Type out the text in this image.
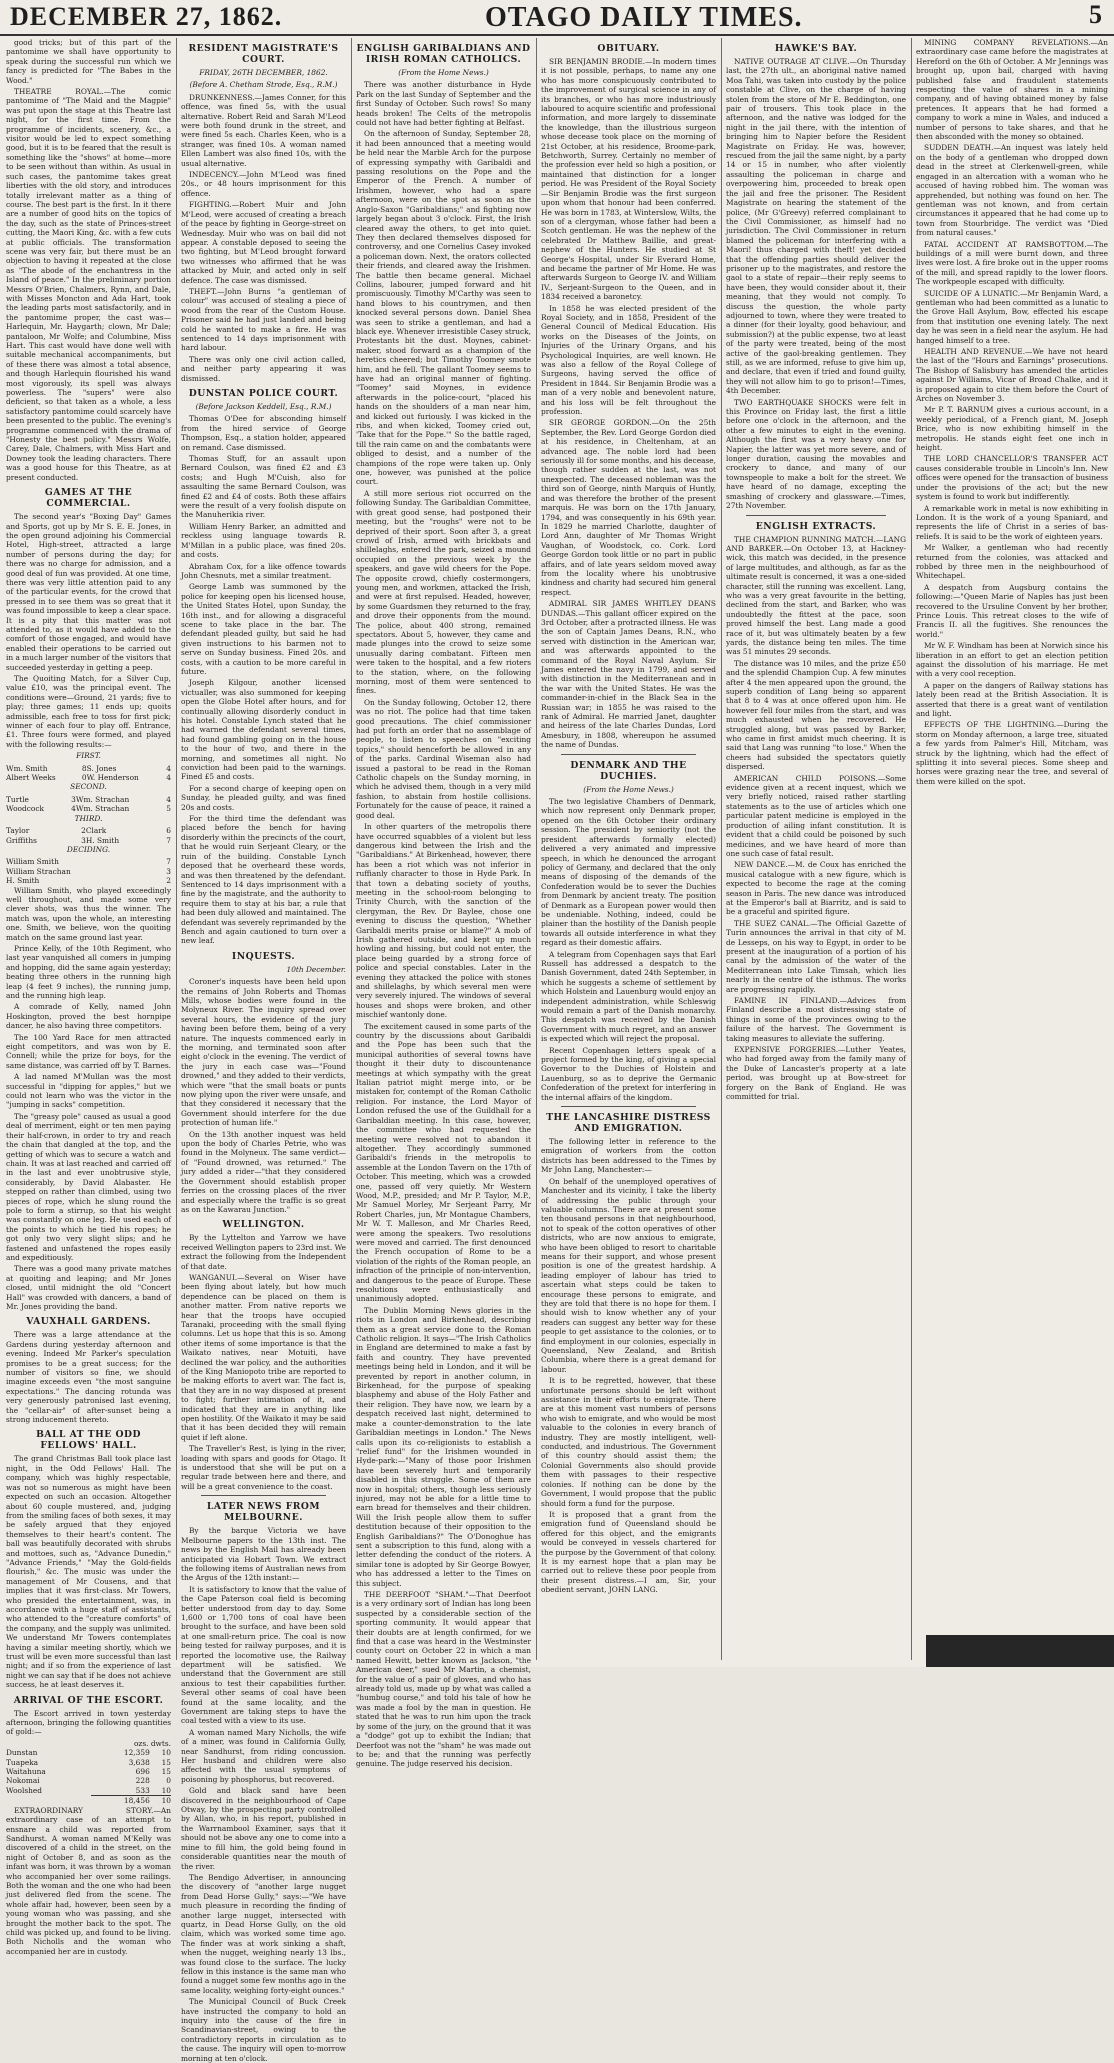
DECEMBER 27, 1862.	OTAGO DAILY TIMES.	5

good tricks; but of this part of the pantomime we shall have opportunity to speak during the successful run which we fancy is predicted for "The Babes in the Wood."

THEATRE ROYAL.—The comic pantomime of "The Maid and the Magpie" was put upon the stage at this Theatre last night, for the first time. From the programme of incidents, scenery, &c., a visitor would be led to expect something good, but it is to be feared that the result is something like the "shows" at home—more to be seen without than within. As usual in such cases, the pantomime takes great liberties with the old story, and introduces totally irrelevant matter as a thing of course. The best part is the first. In it there are a number of good hits on the topics of the day, such as the state of Princes-street cutting, the Maori King, &c. with a few cuts at public officials. The transformation scene was very fair, but there must be an objection to having it repeated at the close as "The abode of the enchantress in the Island of peace." In the preliminary portion Messrs O'Brien, Chalmers, Rynn, and Dale, with Misses Moncton and Ada Hart, took the leading parts most satisfactorily, and in the pantomime proper, the cast was—Harlequin, Mr. Haygarth; clown, Mr Dale; pantaloon, Mr Wolfe; and Columbine, Miss Hart. This cast would have done well with suitable mechanical accompaniments, but of these there was almost a total absence, and though Harlequin flourished his wand most vigorously, its spell was always powerless. The "supers" were also deficient, so that taken as a whole, a less satisfactory pantomime could scarcely have been presented to the public. The evening's programme commenced with the drama of "Honesty the best policy." Messrs Wolfe, Carey, Dale, Chalmers, with Miss Hart and Downey took the leading characters. There was a good house for this Theatre, as at present conducted.

GAMES AT THE COMMERCIAL.

The second year's "Boxing Day" Games and Sports, got up by Mr S. E. E. Jones, in the open ground adjoining his Commercial Hotel, High-street, attracted a large number of persons during the day; for there was no charge for admission, and a good deal of fun was provided. At one time, there was very little attention paid to any of the particular events, for the crowd that pressed in to see them was so great that it was found impossible to keep a clear space. It is a pity that this matter was not attended to, as it would have added to the comfort of those engaged, and would have enabled their operations to be carried out in a much larger number of the visitors that succeeded yesterday in getting a peep.

The Quoiting Match, for a Silver Cup, value £10, was the principal event. The conditions were—Ground, 21 yards; five to play; three games; 11 ends up; quoits admissible, each free to toss for first pick; winner of each four to play off. Entrance, £1. Three fours were formed, and played with the following results:—

FIRST.
Wm. Smith	8	S. Jones	4
Albert Weeks	0	W. Henderson	4
SECOND.
Turtle	3	Wm. Strachan	4
Woodcock	4	Wm. Strachan	5
THIRD.
Taylor	2	Clark	6
Griffiths	3	H. Smith	7
DECIDING.
William Smith	7
William Strachan	3
H. Smith	2

William Smith, who played exceedingly well throughout, and made some very clever shots, was thus the winner. The match was, upon the whole, an interesting one. Smith, we believe, won the quoiting match on the same ground last year.

Prince Kelly, of the 10th Regiment, who last year vanquished all comers in jumping and hopping, did the same again yesterday; beating three others in the running high leap (4 feet 9 inches), the running jump, and the running high leap.

A comrade of Kelly, named John Hoskington, proved the best hornpipe dancer, he also having three competitors.

The 100 Yard Race for men attracted eight competitors, and was won by E. Connell; while the prize for boys, for the same distance, was carried off by T. Barnes.

A lad named M'Mullan was the most successful in "dipping for apples," but we could not learn who was the victor in the "jumping in sacks" competition.

The "greasy pole" caused as usual a good deal of merriment, eight or ten men paying their half-crown, in order to try and reach the chain that dangled at the top, and the getting of which was to secure a watch and chain. It was at last reached and carried off in the last and ever unobtrusive style, considerably, by David Alabaster. He stepped on rather than climbed, using two pieces of rope, which he slung round the pole to form a stirrup, so that his weight was constantly on one leg. He used each of the points to which he tied his ropes; he got only two very slight slips; and he fastened and unfastened the ropes easily and expeditiously.

There was a good many private matches at quoiting and leaping; and Mr Jones closed, until midnight the old "Concert Hall" was crowded with dancers, a band of Mr. Jones providing the band.

VAUXHALL GARDENS.

There was a large attendance at the Gardens during yesterday afternoon and evening. Indeed Mr Parker's speculation promises to be a great success; for the number of visitors so fine, we should imagine exceeds even "the most sanguine expectations." The dancing rotunda was very generously patronised last evening, the "cellar-air" of after-sunset being a strong inducement thereto.

BALL AT THE ODD FELLOWS' HALL.

The grand Christmas Ball took place last night, in the Odd Fellows' Hall. The company, which was highly respectable, was not so numerous as might have been expected on such an occasion. Altogether about 60 couple mustered, and, judging from the smiling faces of both sexes, it may be safely argued that they enjoyed themselves to their heart's content. The ball was beautifully decorated with shrubs and mottoes, such as, "Advance Dunedin," "Advance Friends," "May the Gold-fields flourish," &c. The music was under the management of Mr Cousens, and that implies that it was first-class. Mr Towers, who presided the entertainment, was, in accordance with a huge staff of assistants, who attended to the "creature comforts" of the company, and the supply was unlimited. We understand Mr Towers contemplates having a similar meeting shortly, which we trust will be even more successful than last night; and if so from the experience of last night we can say that if he does not achieve success, he at least deserves it.

ARRIVAL OF THE ESCORT.

The Escort arrived in town yesterday afternoon, bringing the following quantities of gold:—

	ozs. dwts.	
Dunstan	12,359	10
Tuapeka	3,638	15
Waitahuna	696	15
Nokomai	228	0
Woolshed	533	10
	18,456	10

EXTRAORDINARY STORY.—An extraordinary case of an attempt to ensnare a child was reported from Sandhurst. A woman named M'Kelly was discovered of a child in the street, on the night of October 8, and as soon as the infant was born, it was thrown by a woman who accompanied her over some railings. Both the woman and the one who had been just delivered fled from the scene. The whole affair had, however, been seen by a young woman who was passing, and she brought the mother back to the spot. The child was picked up, and found to be living. Both Nicholls and the woman who accompanied her are in custody.

RESIDENT MAGISTRATE'S COURT.
FRIDAY, 26TH DECEMBER, 1862.
(Before A. Chetham Strode, Esq., R.M.)

DRUNKENNESS.—James Conner, for this offence, was fined 5s, with the usual alternative. Robert Reid and Sarah M'Leod were both found drunk in the street, and were fined 5s each. Charles Keen, who is a stranger, was fined 10s. A woman named Ellen Lambert was also fined 10s, with the usual alternative.

INDECENCY.—John M'Leod was fined 20s., or 48 hours imprisonment for this offence.

FIGHTING.—Robert Muir and John M'Leod, were accused of creating a breach of the peace by fighting in George-street on Wednesday. Muir who was on bail did not appear. A constable deposed to seeing the two fighting, but M'Leod brought forward two witnesses who affirmed that he was attacked by Muir, and acted only in self defence. The case was dismissed.

THEFT.—John Burns "a gentleman of colour" was accused of stealing a piece of wood from the rear of the Custom House. Prisoner said he had just landed and being cold he wanted to make a fire. He was sentenced to 14 days imprisonment with hard labour.

There was only one civil action called, and neither party appearing it was dismissed.

DUNSTAN POLICE COURT.
(Before Jackson Keddell, Esq., R.M.)

Thomas O'Dee for absconding himself from the hired service of George Thompson, Esq., a station holder, appeared on remand. Case dismissed.

Thomas Stuff, for an assault upon Bernard Coulson, was fined £2 and £3 costs; and Hugh M'Cuish, also for assaulting the same Bernard Coulson, was fined £2 and £4 of costs. Both these affairs were the result of a very foolish dispute on the Manuherikia river.

William Henry Barker, an admitted and reckless using language towards R. M'Millan in a public place, was fined 20s. and costs.

Abraham Cox, for a like offence towards John Chesnuts, met a similar treatment.

George Lamb was summoned by the police for keeping open his licensed house, the United States Hotel, upon Sunday, the 16th inst., and for allowing a disgraceful scene to take place in the bar. The defendant pleaded guilty, but said he had given instructions to his barmen not to serve on Sunday business. Fined 20s. and costs, with a caution to be more careful in future.

Joseph Kilgour, another licensed victualler, was also summoned for keeping open the Globe Hotel after hours, and for continually allowing disorderly conduct in his hotel. Constable Lynch stated that he had warned the defendant several times, had found gambling going on in the house to the hour of two, and there in the morning, and sometimes all night. No conviction had been paid to the warnings. Fined £5 and costs.

For a second charge of keeping open on Sunday, he pleaded guilty, and was fined 20s and costs.

For the third time the defendant was placed before the bench for having disorderly within the precincts of the court, that he would ruin Serjeant Cleary, or the ruin of the building. Constable Lynch deposed that he overheard these words, and was then threatened by the defendant. Sentenced to 14 days imprisonment with a fine by the magistrate, and the authority to require them to stay at his bar, a rule that had been duly allowed and maintained. The defendant was severely reprimanded by the Bench and again cautioned to turn over a new leaf.

INQUESTS.
10th December.

Coroner's inquests have been held upon the remains of John Roberts and Thomas Mills, whose bodies were found in the Molyneux River. The inquiry spread over several hours, the evidence of the jury having been before them, being of a very nature. The inquests commenced early in the morning, and terminated soon after eight o'clock in the evening. The verdict of the jury in each case was—"Found drowned," and they added to their verdicts, which were "that the small boats or punts now plying upon the river were unsafe, and that they considered it necessary that the Government should interfere for the due protection of human life."

On the 13th another inquest was held upon the body of Charles Petrie, who was found in the Molyneux. The same verdict—of "Found drowned, was returned." The jury added a rider—"that they considered the Government should establish proper ferries on the crossing places of the river and especially where the traffic is so great as on the Kawarau Junction."

WELLINGTON.

By the Lyttelton and Yarrow we have received Wellington papers to 23rd inst. We extract the following from the Independent of that date.

WANGANUI.—Several on Wiser have been flying about lately, but how much dependence can be placed on them is another matter. From native reports we hear that the troops have occupied Taranaki, proceeding with the small flying columns. Let us hope that this is so. Among other items of some importance is that the Waikato natives, near Motuiti, have declined the war policy, and the authorities of the King Maniopoto tribe are reported to be making efforts to avert war. The fact is, that they are in no way disposed at present to fight; further intimation of it, and indicated that they are in anything like open hostility. Of the Waikato it may be said that it has been decided they will remain quiet if left alone.

The Traveller's Rest, is lying in the river, loading with spars and goods for Otago. It is understood that she will be put on a regular trade between here and there, and will be a great convenience to the coast.

LATER NEWS FROM MELBOURNE.

By the barque Victoria we have Melbourne papers to the 13th inst. The news by the English Mail has already been anticipated via Hobart Town. We extract the following items of Australian news from the Argus of the 12th instant:—

It is satisfactory to know that the value of the Cape Paterson coal field is becoming better understood from day to day. Some 1,600 or 1,700 tons of coal have been brought to the surface, and have been sold at one small-return price. The coal is now being tested for railway purposes, and it is reported the locomotive use, the Railway department will be satisfied. We understand that the Government are still anxious to test their capabilities further. Several other seams of coal have been found at the same locality, and the Government are taking steps to have the coal tested with a view to its use.

A woman named Mary Nicholls, the wife of a miner, was found in California Gully, near Sandhurst, from riding concussion. Her husband and children were also affected with the usual symptoms of poisoning by phosphorus, but recovered.

Gold and black sand have been discovered in the neighbourhood of Cape Otway, by the prospecting party controlled by Allan, who, in his report, published in the Warrnambool Examiner, says that it should not be above any one to come into a mine to fill him, the gold being found in considerable quantities near the mouth of the river.

The Bendigo Advertiser, in announcing the discovery of "another large nugget from Dead Horse Gully," says:—"We have much pleasure in recording the finding of another large nugget, intersected with quartz, in Dead Horse Gully, on the old claim, which was worked some time ago. The finder was at work sinking a shaft, when the nugget, weighing nearly 13 lbs., was found close to the surface. The lucky fellow in this instance is the same man who found a nugget some few months ago in the same locality, weighing forty-eight ounces."

The Municipal Council of Buck Creek have instructed the company to hold an inquiry into the cause of the fire in Scandinavian-street, owing to the contradictory reports in circulation as to the cause. The inquiry will open to-morrow morning at ten o'clock.

ENGLISH GARIBALDIANS AND IRISH ROMAN CATHOLICS.
(From the Home News.)

There was another disturbance in Hyde Park on the last Sunday of September and the first Sunday of October. Such rows! So many heads broken! The Celts of the metropolis could not have had better fighting at Belfast.

On the afternoon of Sunday, September 28, it had been announced that a meeting would be held near the Marble Arch for the purpose of expressing sympathy with Garibaldi and passing resolutions on the Pope and the Emperor of the French. A number of Irishmen, however, who had a spare afternoon, were on the spot as soon as the Anglo-Saxon "Garibaldians;" and fighting now largely began about 3 o'clock. First, the Irish cleared away the others, to get into quiet. They then declared themselves disposed for controversy, and one Cornelius Casey invoked a policeman down. Next, the orators collected their friends, and cleared away the Irishmen. The battle then became general. Michael Collins, labourer, jumped forward and hit promiscuously. Timothy M'Carthy was seen to hand blows to his countrymen, and then knocked several persons down. Daniel Shea was seen to strike a gentleman, and had a black eye. Whenever irresistible Casey struck, Protestants bit the dust. Moynes, cabinet-maker, stood forward as a champion of the heretics cheered; but Timothy Toomey smote him, and he fell. The gallant Toomey seems to have had an original manner of fighting. "Toomey" said Moynes, in evidence afterwards in the police-court, "placed his hands on the shoulders of a man near him, and kicked out furiously. I was kicked in the ribs, and when kicked, Toomey cried out, 'Take that for the Pope.'" So the battle raged, till the rain came on and the combatants were obliged to desist, and a number of the champions of the rope were taken up. Only one, however, was punished at the police court.

A still more serious riot occurred on the following Sunday. The Garibaldian Committee, with great good sense, had postponed their meeting, but the "roughs" were not to be deprived of their sport. Soon after 3, a great crowd of Irish, armed with brickbats and shillelaghs, entered the park, seized a mound occupied on the previous week by the speakers, and gave wild cheers for the Pope. The opposite crowd, chiefly costermongers, young men, and workmen, attacked the Irish, and were at first repulsed. Headed, however, by some Guardsmen they returned to the fray, and drove their opponents from the mound. The police, about 400 strong, remained spectators. About 5, however, they came and made plunges into the crowd to seize some unusually daring combatant. Fifteen men were taken to the hospital, and a few rioters to the station, where, on the following morning, most of them were sentenced to fines.

On the Sunday following, October 12, there was no riot. The police had that time taken good precautions. The chief commissioner had put forth an order that no assemblage of people, to listen to speeches on "exciting topics," should henceforth be allowed in any of the parks. Cardinal Wiseman also had issued a pastoral to be read in the Roman Catholic chapels on the Sunday morning, in which he advised them, though in a very mild fashion, to abstain from hostile collisions. Fortunately for the cause of peace, it rained a good deal.

In other quarters of the metropolis there have occurred squabbles of a violent but less dangerous kind between the Irish and the "Garibaldians." At Birkenhead, however, there has been a riot which was not inferior in ruffianly character to those in Hyde Park. In that town a debating society of youths, meeting in the school-room belonging to Trinity Church, with the sanction of the clergyman, the Rev. Dr Baylee, chose one evening to discuss the question, "Whether Garibaldi merits praise or blame?" A mob of Irish gathered outside, and kept up much howling and hissing, but could not enter, the place being guarded by a strong force of police and special constables. Later in the evening they attacked the police with stones and shillelaghs, by which several men were very severely injured. The windows of several houses and shops were broken, and other mischief wantonly done.

The excitement caused in some parts of the country by the discussions about Garibaldi and the Pope has been such that the municipal authorities of several towns have thought it their duty to discountenance meetings at which sympathy with the great Italian patriot might merge into, or be mistaken for, contempt of the Roman Catholic religion. For instance, the Lord Mayor of London refused the use of the Guildhall for a Garibaldian meeting. In this case, however, the committee who had requested the meeting were resolved not to abandon it altogether. They accordingly summoned Garibaldi's friends in the metropolis to assemble at the London Tavern on the 17th of October. This meeting, which was a crowded one, passed off very quietly. Mr Western Wood, M.P., presided; and Mr P. Taylor, M.P., Mr Samuel Morley, Mr Serjeant Parry, Mr Robert Charles, jun, Mr Montague Chambers, Mr W. T. Malleson, and Mr Charles Reed, were among the speakers. Two resolutions were moved and carried. The first denounced the French occupation of Rome to be a violation of the rights of the Roman people, an infraction of the principle of non-intervention, and dangerous to the peace of Europe. These resolutions were enthusiastically and unanimously adopted.

The Dublin Morning News glories in the riots in London and Birkenhead, describing them as a great service done to the Roman Catholic religion. It says—"The Irish Catholics in England are determined to make a fast by faith and country. They have prevented meetings being held in London, and it will be prevented by report in another column, in Birkenhead, for the purpose of speaking blasphemy and abuse of the Holy Father and their religion. They have now, we learn by a despatch received last night, determined to make a counter-demonstration to the late Garibaldian meetings in London." The News calls upon its co-religionists to establish a "relief fund" for the Irishmen wounded in Hyde-park:—"Many of those poor Irishmen have been severely hurt and temporarily disabled in this struggle. Some of them are now in hospital; others, though less seriously injured, may not be able for a little time to earn bread for themselves and their children. Will the Irish people allow them to suffer destitution because of their opposition to the English Garibaldians?" The O'Donoghue has sent a subscription to this fund, along with a letter defending the conduct of the rioters. A similar tone is adopted by Sir George Bowyer, who has addressed a letter to the Times on this subject.

THE DEERFOOT "SHAM."—That Deerfoot is a very ordinary sort of Indian has long been suspected by a considerable section of the sporting community. It would appear that their doubts are at length confirmed, for we find that a case was heard in the Westminster county court on October 22 in which a man named Hewitt, better known as Jackson, "the American deer," sued Mr Martin, a chemist, for the value of a pair of gloves, and who has already told us, made up by what was called a "humbug course," and told his tale of how he was made a fool by the man in question. He stated that he was to run him upon the track by some of the jury, on the ground that it was a "dodge" got up to exhibit the Indian; that Deerfoot was not the "sham" he was made out to be; and that the running was perfectly genuine. The judge reserved his decision.

OBITUARY.

SIR BENJAMIN BRODIE.—In modern times it is not possible, perhaps, to name any one who has more conspicuously contributed to the improvement of surgical science in any of its branches, or who has more industriously laboured to acquire scientific and professional information, and more largely to disseminate the knowledge, than the illustrious surgeon whose decease took place on the morning of 21st October, at his residence, Broome-park, Betchworth, Surrey. Certainly no member of the profession ever held so high a position, or maintained that distinction for a longer period. He was President of the Royal Society—Sir Benjamin Brodie was the first surgeon upon whom that honour had been conferred. He was born in 1783, at Winterslow, Wilts, the son of a clergyman, whose father had been a Scotch gentleman. He was the nephew of the celebrated Dr Matthew Baillie, and great-nephew of the Hunters. He studied at St George's Hospital, under Sir Everard Home, and became the partner of Mr Home. He was afterwards Surgeon to George IV. and William IV., Serjeant-Surgeon to the Queen, and in 1834 received a baronetcy.

In 1858 he was elected president of the Royal Society, and in 1858, President of the General Council of Medical Education. His works on the Diseases of the Joints, on Injuries of the Urinary Organs, and his Psychological Inquiries, are well known. He was also a fellow of the Royal College of Surgeons, having served the office of President in 1844. Sir Benjamin Brodie was a man of a very noble and benevolent nature, and his loss will be felt throughout the profession.

SIR GEORGE GORDON.—On the 25th September, the Rev. Lord George Gordon died at his residence, in Cheltenham, at an advanced age. The noble lord had been seriously ill for some months, and his decease, though rather sudden at the last, was not unexpected. The deceased nobleman was the third son of George, ninth Marquis of Huntly, and was therefore the brother of the present marquis. He was born on the 17th January, 1794, and was consequently in his 69th year. In 1829 he married Charlotte, daughter of Lord Ann, daughter of Mr Thomas Wright Vaughan, of Woodstock, co. Cork. Lord George Gordon took little or no part in public affairs, and of late years seldom moved away from the locality where his unobtrusive kindness and charity had secured him general respect.

ADMIRAL SIR JAMES WHITLEY DEANS DUNDAS.—This gallant officer expired on the 3rd October, after a protracted illness. He was the son of Captain James Deans, R.N., who served with distinction in the American war, and was afterwards appointed to the command of the Royal Naval Asylum. Sir James entered the navy in 1799, and served with distinction in the Mediterranean and in the war with the United States. He was the commander-in-chief in the Black Sea in the Russian war; in 1855 he was raised to the rank of Admiral. He married Janet, daughter and heiress of the late Charles Dundas, Lord Amesbury, in 1808, whereupon he assumed the name of Dundas.

DENMARK AND THE DUCHIES.
(From the Home News.)

The two legislative Chambers of Denmark, which now represent only Denmark proper, opened on the 6th October their ordinary session. The president by seniority (not the president afterwards formally elected) delivered a very animated and impressive speech, in which he denounced the arrogant policy of Germany, and declared that the only means of disposing of the demands of the Confederation would be to sever the Duchies from Denmark by ancient treaty. The position of Denmark as a European power would then be undeniable. Nothing, indeed, could be plainer than the hostility of the Danish people towards all outside interference in what they regard as their domestic affairs.

A telegram from Copenhagen says that Earl Russell has addressed a despatch to the Danish Government, dated 24th September, in which he suggests a scheme of settlement by which Holstein and Lauenburg would enjoy an independent administration, while Schleswig would remain a part of the Danish monarchy. This despatch was received by the Danish Government with much regret, and an answer is expected which will reject the proposal.

Recent Copenhagen letters speak of a project formed by the king, of giving a special Governor to the Duchies of Holstein and Lauenburg, so as to deprive the Germanic Confederation of the pretext for interfering in the internal affairs of the kingdom.

THE LANCASHIRE DISTRESS AND EMIGRATION.

The following letter in reference to the emigration of workers from the cotton districts has been addressed to the Times by Mr John Lang, Manchester:—

On behalf of the unemployed operatives of Manchester and its vicinity, I take the liberty of addressing the public through your valuable columns. There are at present some ten thousand persons in that neighbourhood, not to speak of the cotton operatives of other districts, who are now anxious to emigrate, who have been obliged to resort to charitable means for their support, and whose present position is one of the greatest hardship. A leading employer of labour has tried to ascertain what steps could be taken to encourage these persons to emigrate, and they are told that there is no hope for them. I should wish to know whether any of your readers can suggest any better way for these people to get assistance to the colonies, or to find employment in our colonies, especially in Queensland, New Zealand, and British Columbia, where there is a great demand for labour.

It is to be regretted, however, that these unfortunate persons should be left without assistance in their efforts to emigrate. There are at this moment vast numbers of persons who wish to emigrate, and who would be most valuable to the colonies in every branch of industry. They are mostly intelligent, well-conducted, and industrious. The Government of this country should assist them; the Colonial Governments also should provide them with passages to their respective colonies. If nothing can be done by the Government, I would propose that the public should form a fund for the purpose.

It is proposed that a grant from the emigration fund of Queensland should be offered for this object, and the emigrants would be conveyed in vessels chartered for the purpose by the Government of that colony. It is my earnest hope that a plan may be carried out to relieve these poor people from their present distress.—I am, Sir, your obedient servant, JOHN LANG.

HAWKE'S BAY.

NATIVE OUTRAGE AT CLIVE.—On Thursday last, the 27th ult., an aboriginal native named Moa Tahi, was taken into custody by the police constable at Clive, on the charge of having stolen from the store of Mr E. Beddington, one pair of trousers. This took place in the afternoon, and the native was lodged for the night in the jail there, with the intention of bringing him to Napier before the Resident Magistrate on Friday. He was, however, rescued from the jail the same night, by a party 14 or 15 in number, who after violently assaulting the policeman in charge and overpowering him, proceeded to break open the jail and free the prisoner. The Resident Magistrate on hearing the statement of the police, (Mr G'Greevy) referred complainant to the Civil Commissioner, as himself had no jurisdiction. The Civil Commissioner in return blamed the policeman for interfering with a Maori! thus charged with theft! yet decided that the offending parties should deliver the prisoner up to the magistrates, and restore the gaol to a state of repair—their reply seems to have been, they would consider about it, their meaning, that they would not comply. To discuss the question, the whole party adjourned to town, where they were treated to a dinner (for their loyalty, good behaviour, and submission?) at the public expense, two at least of the party were treated, being of the most active of the gaol-breaking gentlemen. They still, as we are informed, refuse to give him up, and declare, that even if tried and found guilty, they will not allow him to go to prison!—Times, 4th December.

TWO EARTHQUAKE SHOCKS were felt in this Province on Friday last, the first a little before one o'clock in the afternoon, and the other a few minutes to eight in the evening. Although the first was a very heavy one for Napier, the latter was yet more severe, and of longer duration, causing the movables and crockery to dance, and many of our townspeople to make a bolt for the street. We have heard of no damage, excepting the smashing of crockery and glassware.—Times, 27th November.

ENGLISH EXTRACTS.

THE CHAMPION RUNNING MATCH.—LANG AND BARKER.—On October 13, at Hackney-wick, this match was decided, in the presence of large multitudes, and although, as far as the ultimate result is concerned, it was a one-sided character, still the running was excellent. Lang, who was a very great favourite in the betting, declined from the start, and Barker, who was undoubtedly the fittest at the pace, soon proved himself the best. Lang made a good race of it, but was ultimately beaten by a few yards, the distance being ten miles. The time was 51 minutes 29 seconds.

The distance was 10 miles, and the prize £50 and the splendid Champion Cup. A few minutes after 4 the men appeared upon the ground, the superb condition of Lang being so apparent that 8 to 4 was at once offered upon him. He however fell four miles from the start, and was much exhausted when he recovered. He struggled along, but was passed by Barker, who came in first amidst much cheering. It is said that Lang was running "to lose." When the cheers had subsided the spectators quietly dispersed.

AMERICAN CHILD POISONS.—Some evidence given at a recent inquest, which we very briefly noticed, raised rather startling statements as to the use of articles which one particular patent medicine is employed in the production of ailing infant constitution. It is evident that a child could be poisoned by such medicines, and we have heard of more than one such case of fatal result.

NEW DANCE.—M. de Coux has enriched the musical catalogue with a new figure, which is expected to become the rage at the coming season in Paris. The new dance was introduced at the Emperor's ball at Biarritz, and is said to be a graceful and spirited figure.

THE SUEZ CANAL.—The Official Gazette of Turin announces the arrival in that city of M. de Lesseps, on his way to Egypt, in order to be present at the inauguration of a portion of his canal by the admission of the water of the Mediterranean into Lake Timsah, which lies nearly in the centre of the isthmus. The works are progressing rapidly.

FAMINE IN FINLAND.—Advices from Finland describe a most distressing state of things in some of the provinces owing to the failure of the harvest. The Government is taking measures to alleviate the suffering.

EXPENSIVE FORGERIES.—Luther Yeates, who had forged away from the family many of the Duke of Lancaster's property at a late period, was brought up at Bow-street for forgery on the Bank of England. He was committed for trial.

MINING COMPANY REVELATIONS.—An extraordinary case came before the magistrates at Hereford on the 6th of October. A Mr Jennings was brought up, upon bail, charged with having published false and fraudulent statements respecting the value of shares in a mining company, and of having obtained money by false pretences. It appears that he had formed a company to work a mine in Wales, and induced a number of persons to take shares, and that he then absconded with the money so obtained.

SUDDEN DEATH.—An inquest was lately held on the body of a gentleman who dropped down dead in the street at Clerkenwell-green, while engaged in an altercation with a woman who he accused of having robbed him. The woman was apprehended, but nothing was found on her. The gentleman was not known, and from certain circumstances it appeared that he had come up to town from Stourbridge. The verdict was "Died from natural causes."

FATAL ACCIDENT AT RAMSBOTTOM.—The buildings of a mill were burnt down, and three lives were lost. A fire broke out in the upper rooms of the mill, and spread rapidly to the lower floors. The workpeople escaped with difficulty.

SUICIDE OF A LUNATIC.—Mr Benjamin Ward, a gentleman who had been committed as a lunatic to the Grove Hall Asylum, Bow, effected his escape from that institution one evening lately. The next day he was seen in a field near the asylum. He had hanged himself to a tree.

HEALTH AND REVENUE.—We have not heard the last of the "Hours and Earnings" prosecutions. The Bishop of Salisbury has amended the articles against Dr Williams, Vicar of Broad Chalke, and it is proposed again to cite them before the Court of Arches on November 3.

Mr P. T. BARNUM gives a curious account, in a weekly periodical, of a French giant, M. Joseph Brice, who is now exhibiting himself in the metropolis. He stands eight feet one inch in height.

THE LORD CHANCELLOR'S TRANSFER ACT causes considerable trouble in Lincoln's Inn. New offices were opened for the transaction of business under the provisions of the act; but the new system is found to work but indifferently.

A remarkable work in metal is now exhibiting in London. It is the work of a young Spaniard, and represents the life of Christ in a series of bas-reliefs. It is said to be the work of eighteen years.

Mr Walker, a gentleman who had recently returned from the colonies, was attacked and robbed by three men in the neighbourhood of Whitechapel.

A despatch from Augsburg contains the following:—"Queen Marie of Naples has just been recovered to the Ursuline Convent by her brother, Prince Louis. This retreat closes to the wife of Francis II. all the fugitives. She renounces the world."

Mr W. F. Windham has been at Norwich since his liberation in an effort to get an election petition against the dissolution of his marriage. He met with a very cool reception.

A paper on the dangers of Railway stations has lately been read at the British Association. It is asserted that there is a great want of ventilation and light.

EFFECTS OF THE LIGHTNING.—During the storm on Monday afternoon, a large tree, situated a few yards from Palmer's Hill, Mitcham, was struck by the lightning, which had the effect of splitting it into several pieces. Some sheep and horses were grazing near the tree, and several of them were killed on the spot.
